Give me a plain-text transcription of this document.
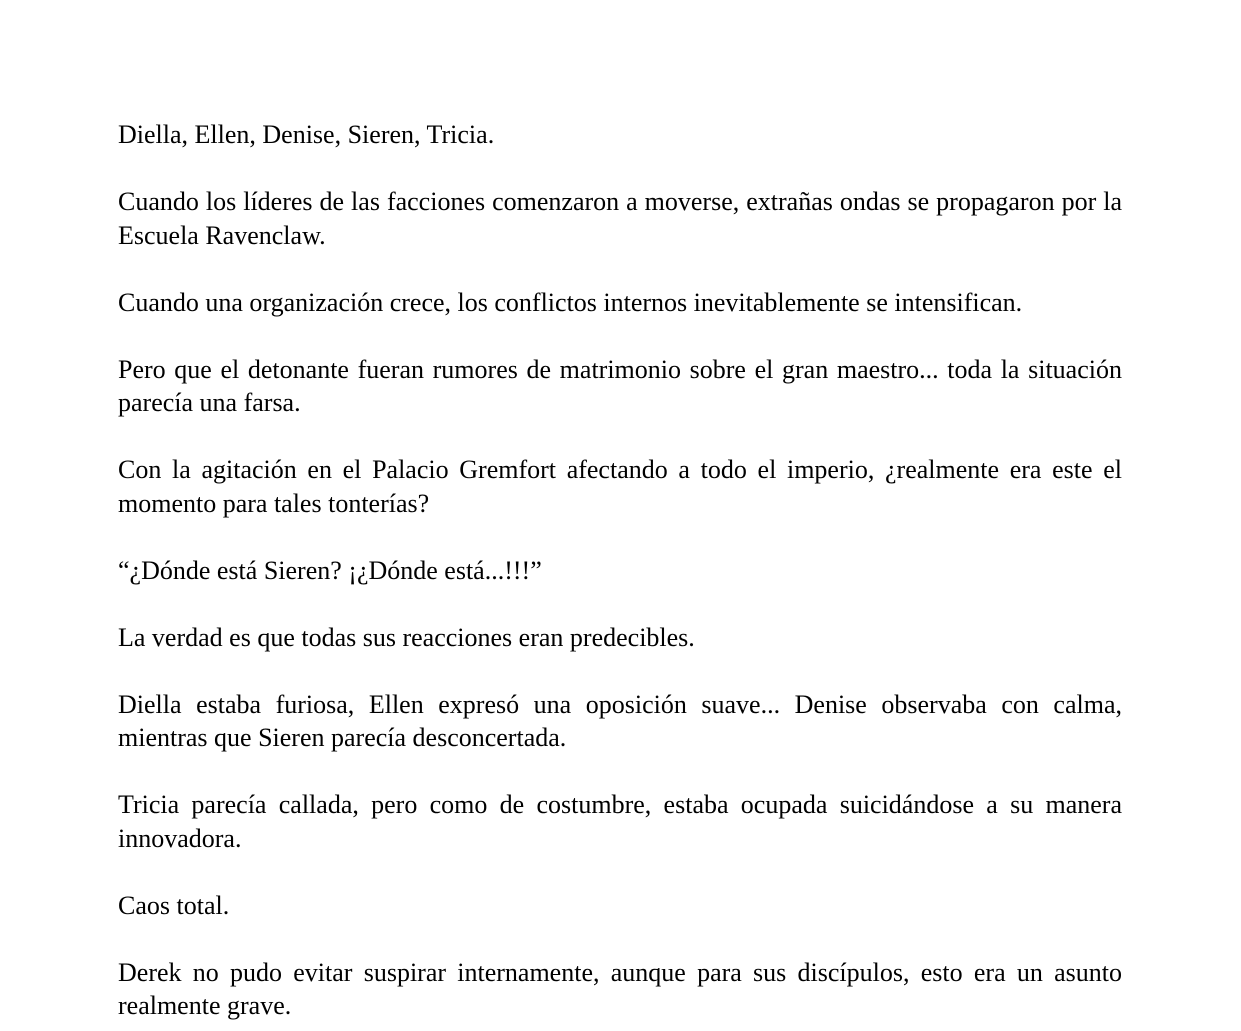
Diella, Ellen, Denise, Sieren, Tricia.

Cuando los líderes de las facciones comenzaron a moverse, extrañas ondas se propagaron por la Escuela Ravenclaw.

Cuando una organización crece, los conflictos internos inevitablemente se intensifican.

Pero que el detonante fueran rumores de matrimonio sobre el gran maestro... toda la situación parecía una farsa.

Con la agitación en el Palacio Gremfort afectando a todo el imperio, ¿realmente era este el momento para tales tonterías?

“¿Dónde está Sieren? ¡¿Dónde está...!!!”

La verdad es que todas sus reacciones eran predecibles.

Diella estaba furiosa, Ellen expresó una oposición suave... Denise observaba con calma, mientras que Sieren parecía desconcertada.

Tricia parecía callada, pero como de costumbre, estaba ocupada suicidándose a su manera innovadora.

Caos total.

Derek no pudo evitar suspirar internamente, aunque para sus discípulos, esto era un asunto realmente grave.
